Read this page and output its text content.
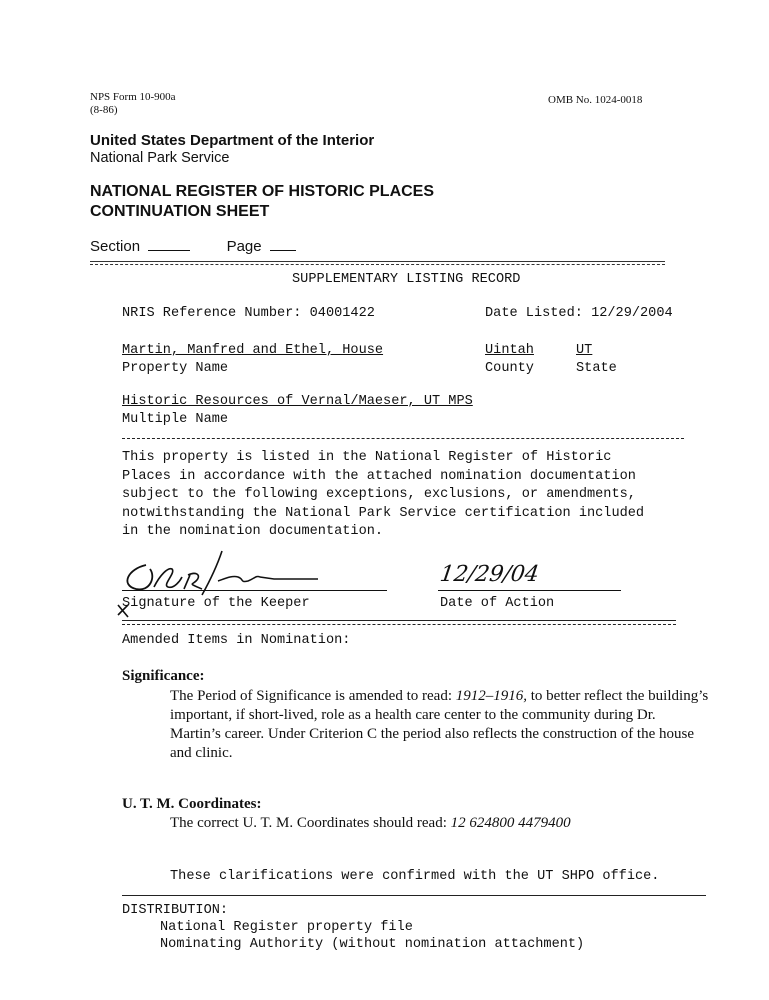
NPS Form 10-900a
(8-86)
OMB No. 1024-0018
United States Department of the Interior
National Park Service
NATIONAL REGISTER OF HISTORIC PLACES
CONTINUATION SHEET
Section	Page
SUPPLEMENTARY LISTING RECORD
NRIS Reference Number: 04001422	Date Listed: 12/29/2004
Martin, Manfred and Ethel, House	Uintah	UT
Property Name	County	State
Historic Resources of Vernal/Maeser, UT MPS
Multiple Name
This property is listed in the National Register of Historic
Places in accordance with the attached nomination documentation
subject to the following exceptions, exclusions, or amendments,
notwithstanding the National Park Service certification included
in the nomination documentation.
12/29/04
Signature of the Keeper	Date of Action
Amended Items in Nomination:
Significance:
The Period of Significance is amended to read: 1912–1916, to better reflect the building’s
important, if short-lived, role as a health care center to the community during Dr.
Martin’s career. Under Criterion C the period also reflects the construction of the house
and clinic.
U. T. M. Coordinates:
The correct U. T. M. Coordinates should read: 12 624800 4479400
These clarifications were confirmed with the UT SHPO office.
DISTRIBUTION:
National Register property file
Nominating Authority (without nomination attachment)
